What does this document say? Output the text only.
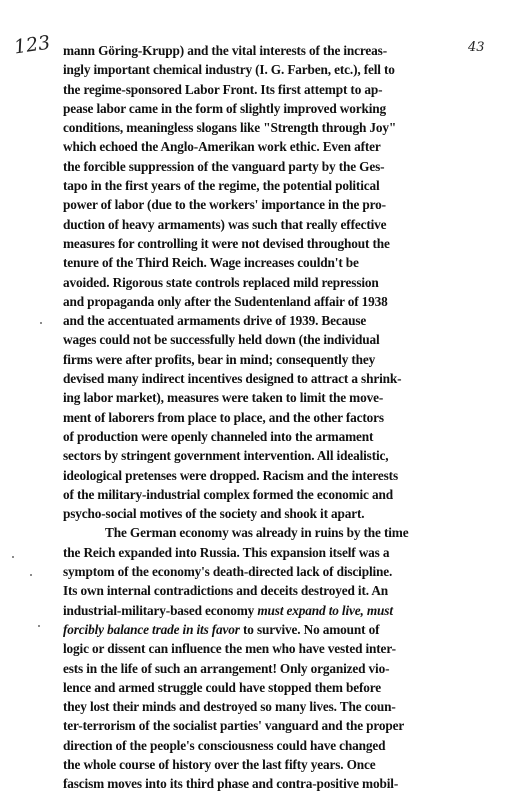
123	43
mann Göring-Krupp) and the vital interests of the increas-
ingly important chemical industry (I. G. Farben, etc.), fell to
the regime-sponsored Labor Front. Its first attempt to ap-
pease labor came in the form of slightly improved working
conditions, meaningless slogans like "Strength through Joy"
which echoed the Anglo-Amerikan work ethic. Even after
the forcible suppression of the vanguard party by the Ges-
tapo in the first years of the regime, the potential political
power of labor (due to the workers' importance in the pro-
duction of heavy armaments) was such that really effective
measures for controlling it were not devised throughout the
tenure of the Third Reich. Wage increases couldn't be
avoided. Rigorous state controls replaced mild repression
and propaganda only after the Sudentenland affair of 1938
and the accentuated armaments drive of 1939. Because
wages could not be successfully held down (the individual
firms were after profits, bear in mind; consequently they
devised many indirect incentives designed to attract a shrink-
ing labor market), measures were taken to limit the move-
ment of laborers from place to place, and the other factors
of production were openly channeled into the armament
sectors by stringent government intervention. All idealistic,
ideological pretenses were dropped. Racism and the interests
of the military-industrial complex formed the economic and
psycho-social motives of the society and shook it apart.
The German economy was already in ruins by the time
the Reich expanded into Russia. This expansion itself was a
symptom of the economy's death-directed lack of discipline.
Its own internal contradictions and deceits destroyed it. An
industrial-military-based economy must expand to live, must
forcibly balance trade in its favor to survive. No amount of
logic or dissent can influence the men who have vested inter-
ests in the life of such an arrangement! Only organized vio-
lence and armed struggle could have stopped them before
they lost their minds and destroyed so many lives. The coun-
ter-terrorism of the socialist parties' vanguard and the proper
direction of the people's consciousness could have changed
the whole course of history over the last fifty years. Once
fascism moves into its third phase and contra-positive mobil-
